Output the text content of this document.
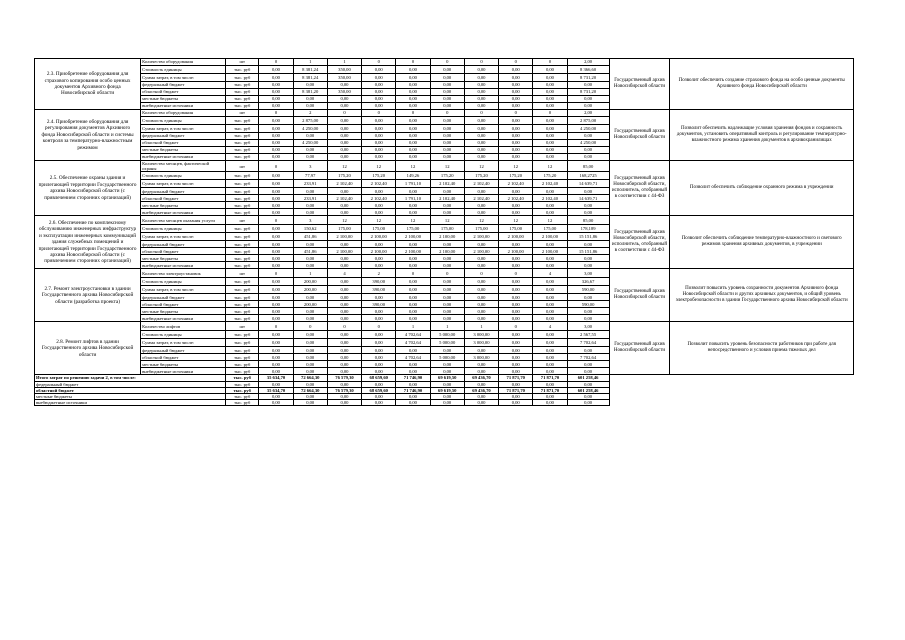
2.3. Приобретение оборудования для страхового копирования особо ценных документов Архивного фонда Новосибирской области	Количество оборудования	шт	0	1	1	0	0	0	0	0	0	2,00	Государственный архив Новосибирской области	Позволит обеспечить создание страхового фонда на особо ценные документы Архивного фонда Новосибирской области
	Стоимость единицы	тыс. руб	0,00	8 381,24	350,00	0,00	0,00	0,00	0,00	0,00	0,00	8 366,60		
	Сумма затрат, в том числе:	тыс. руб	0,00	8 381,24	350,00	0,00	0,00	0,00	0,00	0,00	0,00	8 731,20		
	федеральный бюджет	тыс. руб	0,00	0,00	0,00	0,00	0,00	0,00	0,00	0,00	0,00	0,00		
	областной бюджет	тыс. руб	0,00	8 381,20	350,00	0,00	0,00	0,00	0,00	0,00	0,00	8 731,20		
	местные бюджеты	тыс. руб	0,00	0,00	0,00	0,00	0,00	0,00	0,00	0,00	0,00	0,00		
	внебюджетные источники	тыс. руб	0,00	0,00	0,00	0,00	0,00	0,00	0,00	0,00	0,00	0,00		
2.4. Приобретение оборудования для регулирования документов Архивного фонда Новосибирской области и системы контроля за температурно-влажностным режимом	Количество оборудования	шт	0	2	0	0	0	0	0	0	0	2,00	Государственный архив Новосибирской области	Позволит обеспечить надлежащие условия хранения фондов и сохранность документов, установить оперативный контроль и регулирование температурно-влажностного режима хранения документов в архивохранилищах
	Стоимость единицы	тыс. руб	0,00	2 875,00	0,00	0,00	0,00	0,00	0,00	0,00	0,00	2 875,00		
	Сумма затрат, в том числе:	тыс. руб	0,00	4 250,00	0,00	0,00	0,00	0,00	0,00	0,00	0,00	4 250,00		
	федеральный бюджет	тыс. руб	0,00	0,00	0,00	0,00	0,00	0,00	0,00	0,00	0,00	0,00		
	областной бюджет	тыс. руб	0,00	4 250,00	0,00	0,00	0,00	0,00	0,00	0,00	0,00	4 250,00		
	местные бюджеты	тыс. руб	0,00	0,00	0,00	0,00	0,00	0,00	0,00	0,00	0,00	0,00		
	внебюджетные источники	тыс. руб	0,00	0,00	0,00	0,00	0,00	0,00	0,00	0,00	0,00	0,00		
2.5. Обеспечение охраны здания и прилегающей территории Государственного архива Новосибирской области (с привлечением сторонних организаций)	Количество месяцев, фактической охраны	шт	0	3	12	12	12	12	12	12	12	85,00	Государственный архив Новосибирской области, исполнитель, отобранный в соответствии с 44-ФЗ	Позволит обеспечить соблюдение охранного режима в учреждении
	Стоимость единицы	тыс. руб	0,00	77,97	175,20	175,20	149,26	175,20	175,20	175,20	175,20	168,2725		
	Сумма затрат, в том числе:	тыс. руб	0,00	233,91	2 102,40	2 102,40	1 791,10	2 102,40	2 102,40	2 102,40	2 102,40	14 639,71		
	федеральный бюджет	тыс. руб	0,00	0,00	0,00	0,00	0,00	0,00	0,00	0,00	0,00	0,00		
	областной бюджет	тыс. руб	0,00	233,91	2 102,40	2 102,40	1 791,10	2 102,40	2 102,40	2 102,40	2 102,40	14 639,71		
	местные бюджеты	тыс. руб	0,00	0,00	0,00	0,00	0,00	0,00	0,00	0,00	0,00	0,00		
	внебюджетные источники	тыс. руб	0,00	0,00	0,00	0,00	0,00	0,00	0,00	0,00	0,00	0,00		
2.6. Обеспечение по комплексному обслуживанию инженерных инфраструктур и эксплуатации инженерных коммуникаций здания служебных помещений и прилегающей территории Государственного архива Новосибирской области (с привлечением сторонних организаций)	Количество месяцев оказания услуги	шт	0	3	12	12	12	12	12	12	12	85,00	Государственный архив Новосибирской области, исполнитель, отобранный в соответствии с 44-ФЗ	Позволит обеспечить соблюдение температурно-влажностного и светового режимов хранения архивных документов, в учреждении
	Стоимость единицы	тыс. руб	0,00	150,62	175,00	175,00	175,00	175,00	175,00	175,00	175,00	178,189		
	Сумма затрат, в том числе:	тыс. руб	0,00	451,86	2 100,00	2 100,00	2 100,00	2 100,00	2 100,00	2 100,00	2 100,00	15 151,86		
	федеральный бюджет	тыс. руб	0,00	0,00	0,00	0,00	0,00	0,00	0,00	0,00	0,00	0,00		
	областной бюджет	тыс. руб	0,00	451,86	2 100,00	2 100,00	2 100,00	2 100,00	2 100,00	2 100,00	2 100,00	15 151,86		
	местные бюджеты	тыс. руб	0,00	0,00	0,00	0,00	0,00	0,00	0,00	0,00	0,00	0,00		
	внебюджетные источники	тыс. руб	0,00	0,00	0,00	0,00	0,00	0,00	0,00	0,00	0,00	0,00		
2.7. Ремонт электроустановки в здании Государственного архива Новосибирской области (разработка проекта)	Количество электроустановок	шт	0	1	4	2	0	0	0	0	4	3,00	Государственный архив Новосибирской области	Позволит повысить уровень сохранности документов Архивного фонда Новосибирской области и других архивных документов, и общий уровень электробезопасности в здании Государственного архива Новосибирской области
	Стоимость единицы	тыс. руб	0,00	200,00	0,00	390,00	0,00	0,00	0,00	0,00	0,00	326,67		
	Сумма затрат, в том числе:	тыс. руб	0,00	200,00	0,00	390,00	0,00	0,00	0,00	0,00	0,00	590,00		
	федеральный бюджет	тыс. руб	0,00	0,00	0,00	0,00	0,00	0,00	0,00	0,00	0,00	0,00		
	областной бюджет	тыс. руб	0,00	200,00	0,00	390,00	0,00	0,00	0,00	0,00	0,00	590,00		
	местные бюджеты	тыс. руб	0,00	0,00	0,00	0,00	0,00	0,00	0,00	0,00	0,00	0,00		
	внебюджетные источники	тыс. руб	0,00	0,00	0,00	0,00	0,00	0,00	0,00	0,00	0,00	0,00		
2.8. Ремонт лифтов в здании Государственного архива Новосибирской области	Количество лифтов	шт	0	0	0	0	1	1	1	0	4	3,00	Государственный архив Новосибирской области	Позволит повысить уровень безопасности работников при работе для непосредственного и условия приема тяжелых дел
	Стоимость единицы	тыс. руб	0,00	0,00	0,00	0,00	4 702,64	5 000,00	3 000,00	0,00	0,00	2 567,55		
	Сумма затрат, в том числе:	тыс. руб	0,00	0,00	0,00	0,00	4 702,64	5 000,00	3 000,00	0,00	0,00	7 702,64		
	федеральный бюджет	тыс. руб	0,00	0,00	0,00	0,00	0,00	0,00	0,00	0,00	0,00	0,00		
	областной бюджет	тыс. руб	0,00	0,00	0,00	0,00	4 702,64	5 000,00	3 000,00	0,00	0,00	7 702,64		
	местные бюджеты	тыс. руб	0,00	0,00	0,00	0,00	0,00	0,00	0,00	0,00	0,00	0,00		
	внебюджетные источники	тыс. руб	0,00	0,00	0,00	0,00	0,00	0,00	0,00	0,00	0,00	0,00		
Итого затрат по решению задачи 2, в том числе:		тыс. руб	35 634,70	72 664,30	76 579,30	68 659,60	71 746,90	69 619,50	69 436,70	71 871,70	71 871,70	601 258,46		
федеральный бюджет		тыс. руб	0,00	0,00	0,00	0,00	0,00	0,00	0,00	0,00	0,00	0,00		
областной бюджет		тыс. руб	35 634,70	72 664,30	76 579,30	68 659,60	71 746,90	69 619,50	69 436,70	71 871,70	71 871,70	601 258,46		
местные бюджеты		тыс. руб	0,00	0,00	0,00	0,00	0,00	0,00	0,00	0,00	0,00	0,00		
внебюджетные источники		тыс. руб	0,00	0,00	0,00	0,00	0,00	0,00	0,00	0,00	0,00	0,00		
